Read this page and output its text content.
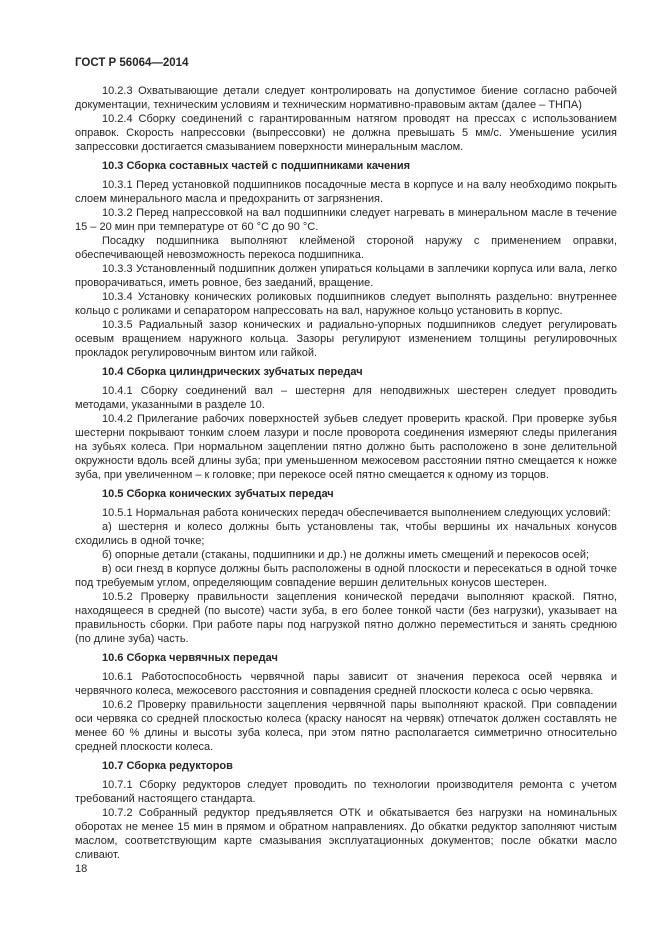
ГОСТ Р 56064—2014

10.2.3 Охватывающие детали следует контролировать на допустимое биение согласно рабочей документации, техническим условиям и техническим нормативно-правовым актам (далее – ТНПА)

10.2.4 Сборку соединений с гарантированным натягом проводят на прессах с использованием оправок. Скорость напрессовки (выпрессовки) не должна превышать 5 мм/с. Уменьшение усилия запрессовки достигается смазыванием поверхности минеральным маслом.

10.3 Сборка составных частей с подшипниками качения

10.3.1 Перед установкой подшипников посадочные места в корпусе и на валу необходимо покрыть слоем минерального масла и предохранить от загрязнения.

10.3.2 Перед напрессовкой на вал подшипники следует нагревать в минеральном масле в течение 15 – 20 мин при температуре от 60 °С до 90 °С.

Посадку подшипника выполняют клейменой стороной наружу с применением оправки, обеспечивающей невозможность перекоса подшипника.

10.3.3 Установленный подшипник должен упираться кольцами в заплечики корпуса или вала, легко проворачиваться, иметь ровное, без заеданий, вращение.

10.3.4 Установку конических роликовых подшипников следует выполнять раздельно: внутреннее кольцо с роликами и сепаратором напрессовать на вал, наружное кольцо установить в корпус.

10.3.5 Радиальный зазор конических и радиально-упорных подшипников следует регулировать осевым вращением наружного кольца. Зазоры регулируют изменением толщины регулировочных прокладок регулировочным винтом или гайкой.

10.4 Сборка цилиндрических зубчатых передач

10.4.1 Сборку соединений вал – шестерня для неподвижных шестерен следует проводить методами, указанными в разделе 10.

10.4.2 Прилегание рабочих поверхностей зубьев следует проверить краской. При проверке зубья шестерни покрывают тонким слоем лазури и после проворота соединения измеряют следы прилегания на зубьях колеса. При нормальном зацеплении пятно должно быть расположено в зоне делительной окружности вдоль всей длины зуба; при уменьшенном межосевом расстоянии пятно смещается к ножке зуба, при увеличенном – к головке; при перекосе осей пятно смещается к одному из торцов.

10.5 Сборка конических зубчатых передач

10.5.1 Нормальная работа конических передач обеспечивается выполнением следующих условий:

а) шестерня и колесо должны быть установлены так, чтобы вершины их начальных конусов сходились в одной точке;

б) опорные детали (стаканы, подшипники и др.) не должны иметь смещений и перекосов осей;

в) оси гнезд в корпусе должны быть расположены в одной плоскости и пересекаться в одной точке под требуемым углом, определяющим совпадение вершин делительных конусов шестерен.

10.5.2 Проверку правильности зацепления конической передачи выполняют краской. Пятно, находящееся в средней (по высоте) части зуба, в его более тонкой части (без нагрузки), указывает на правильность сборки. При работе пары под нагрузкой пятно должно переместиться и занять среднюю (по длине зуба) часть.

10.6 Сборка червячных передач

10.6.1 Работоспособность червячной пары зависит от значения перекоса осей червяка и червячного колеса, межосевого расстояния и совпадения средней плоскости колеса с осью червяка.

10.6.2 Проверку правильности зацепления червячной пары выполняют краской. При совпадении оси червяка со средней плоскостью колеса (краску наносят на червяк) отпечаток должен составлять не менее 60 % длины и высоты зуба колеса, при этом пятно располагается симметрично относительно средней плоскости колеса.

10.7 Сборка редукторов

10.7.1 Сборку редукторов следует проводить по технологии производителя ремонта с учетом требований настоящего стандарта.

10.7.2 Собранный редуктор предъявляется ОТК и обкатывается без нагрузки на номинальных оборотах не менее 15 мин в прямом и обратном направлениях. До обкатки редуктор заполняют чистым маслом, соответствующим карте смазывания эксплуатационных документов; после обкатки масло сливают.

18
